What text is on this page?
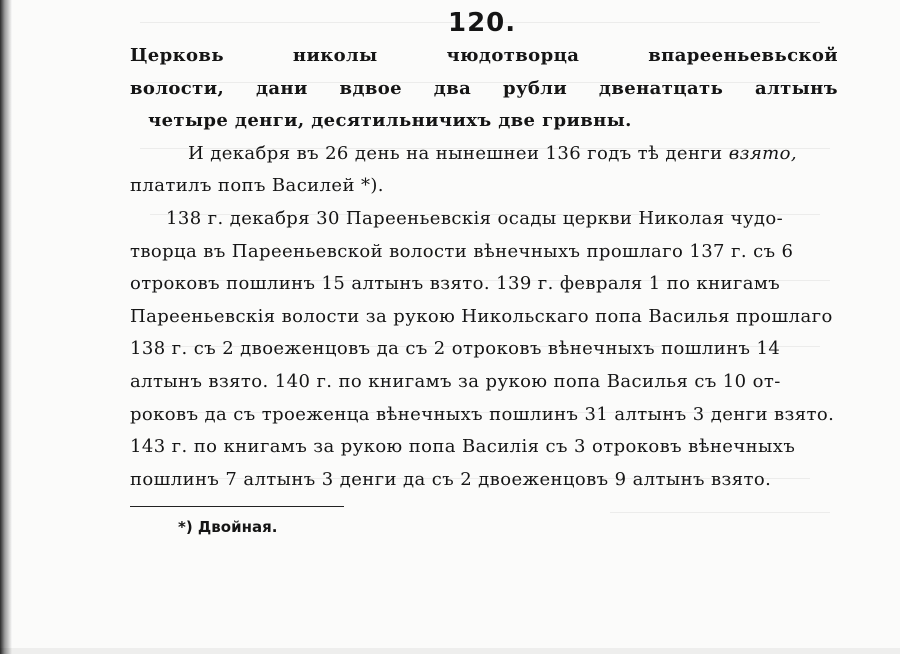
120.
Церковь	николы	чюдотворца	впарееньевьской
волости, дани вдвое два рубли двенатцать алтынъ
четыре денги, десятильничихъ две гривны.
И декабря въ 26 день на нынешнеи 136 годъ тѣ денги взято,
платилъ попъ Василей *).
138 г. декабря 30 Пареeньевскія осады церкви Николая чудо-
творца въ Пареeньевской волости вѣнечныхъ прошлаго 137 г. съ 6
отроковъ пошлинъ 15 алтынъ взято. 139 г. февраля 1 по книгамъ
Пареeньевскія волости за рукою Никольскаго попа Василья прошлаго
138 г. съ 2 двоеженцовъ да съ 2 отроковъ вѣнечныхъ пошлинъ 14
алтынъ взято. 140 г. по книгамъ за рукою попа Василья съ 10 от-
роковъ да съ троеженца вѣнечныхъ пошлинъ 31 алтынъ 3 денги взято.
143 г. по книгамъ за рукою попа Василія съ 3 отроковъ вѣнечныхъ
пошлинъ 7 алтынъ 3 денги да съ 2 двоеженцовъ 9 алтынъ взято.
*) Двойная.
